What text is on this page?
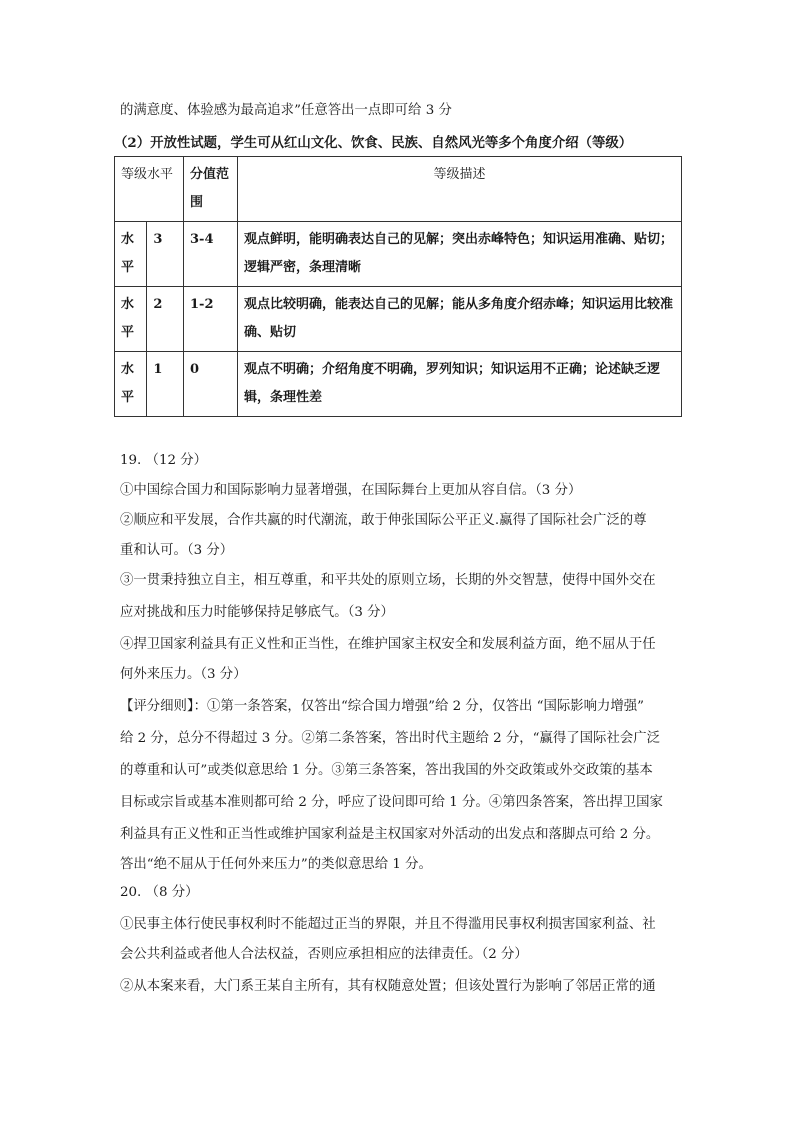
的满意度、体验感为最高追求”任意答出一点即可给 3 分
（2）开放性试题，学生可从红山文化、饮食、民族、自然风光等多个角度介绍（等级）
等级水平		分值范围	等级描述
水平	3	3-4	观点鲜明，能明确表达自己的见解；突出赤峰特色；知识运用准确、贴切；逻辑严密，条理清晰
水平	2	1-2	观点比较明确，能表达自己的见解；能从多角度介绍赤峰；知识运用比较准确、贴切
水平	1	0	观点不明确；介绍角度不明确，罗列知识；知识运用不正确；论述缺乏逻辑，条理性差
19. （12 分）
①中国综合国力和国际影响力显著增强，在国际舞台上更加从容自信。（3 分）
②顺应和平发展，合作共赢的时代潮流，敢于伸张国际公平正义.赢得了国际社会广泛的尊
重和认可。（3 分）
③一贯秉持独立自主，相互尊重，和平共处的原则立场，长期的外交智慧，使得中国外交在
应对挑战和压力时能够保持足够底气。（3 分）
④捍卫国家利益具有正义性和正当性，在维护国家主权安全和发展利益方面，绝不屈从于任
何外来压力。（3 分）
【评分细则】：①第一条答案，仅答出“综合国力增强”给 2 分，仅答出 “国际影响力增强”
给 2 分，总分不得超过 3 分。②第二条答案，答出时代主题给 2 分，“赢得了国际社会广泛
的尊重和认可”或类似意思给 1 分。③第三条答案，答出我国的外交政策或外交政策的基本
目标或宗旨或基本准则都可给 2 分，呼应了设问即可给 1 分。④第四条答案，答出捍卫国家
利益具有正义性和正当性或维护国家利益是主权国家对外活动的出发点和落脚点可给 2 分。
答出“绝不屈从于任何外来压力”的类似意思给 1 分。
20. （8 分）
①民事主体行使民事权利时不能超过正当的界限，并且不得滥用民事权利损害国家利益、社
会公共利益或者他人合法权益，否则应承担相应的法律责任。（2 分）
②从本案来看，大门系王某自主所有，其有权随意处置；但该处置行为影响了邻居正常的通
